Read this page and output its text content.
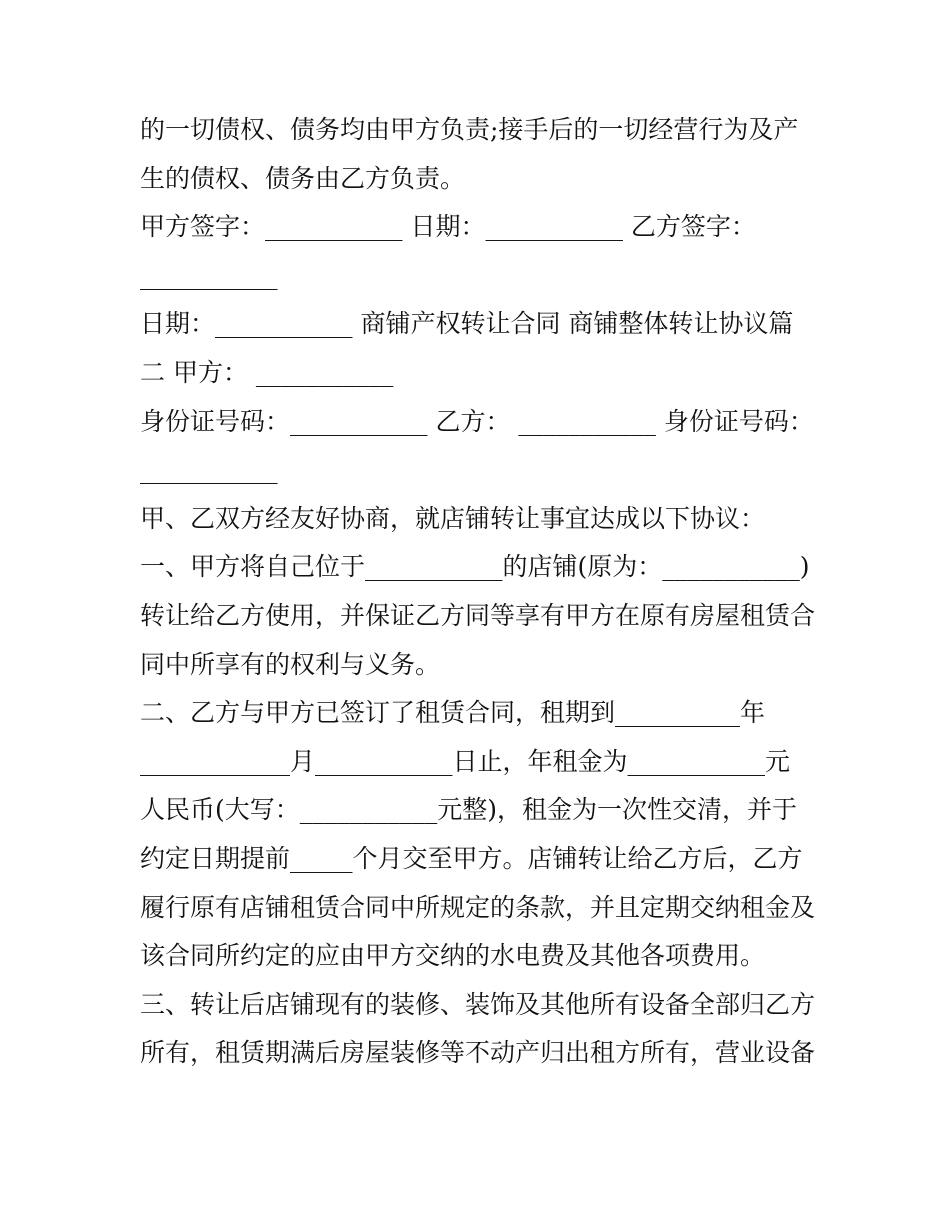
的一切债权、债务均由甲方负责;接手后的一切经营行为及产
生的债权、债务由乙方负责。
甲方签字：___________ 日期：___________ 乙方签字：
___________
日期：___________ 商铺产权转让合同 商铺整体转让协议篇
二 甲方： ___________
身份证号码：___________ 乙方： ___________ 身份证号码：
___________
甲、乙双方经友好协商，就店铺转让事宜达成以下协议：
一、甲方将自己位于___________的店铺(原为：___________)
转让给乙方使用，并保证乙方同等享有甲方在原有房屋租赁合
同中所享有的权利与义务。
二、乙方与甲方已签订了租赁合同，租期到__________年
____________月___________日止，年租金为___________元
人民币(大写：___________元整)，租金为一次性交清，并于
约定日期提前_____个月交至甲方。店铺转让给乙方后，乙方
履行原有店铺租赁合同中所规定的条款，并且定期交纳租金及
该合同所约定的应由甲方交纳的水电费及其他各项费用。
三、转让后店铺现有的装修、装饰及其他所有设备全部归乙方
所有，租赁期满后房屋装修等不动产归出租方所有，营业设备
